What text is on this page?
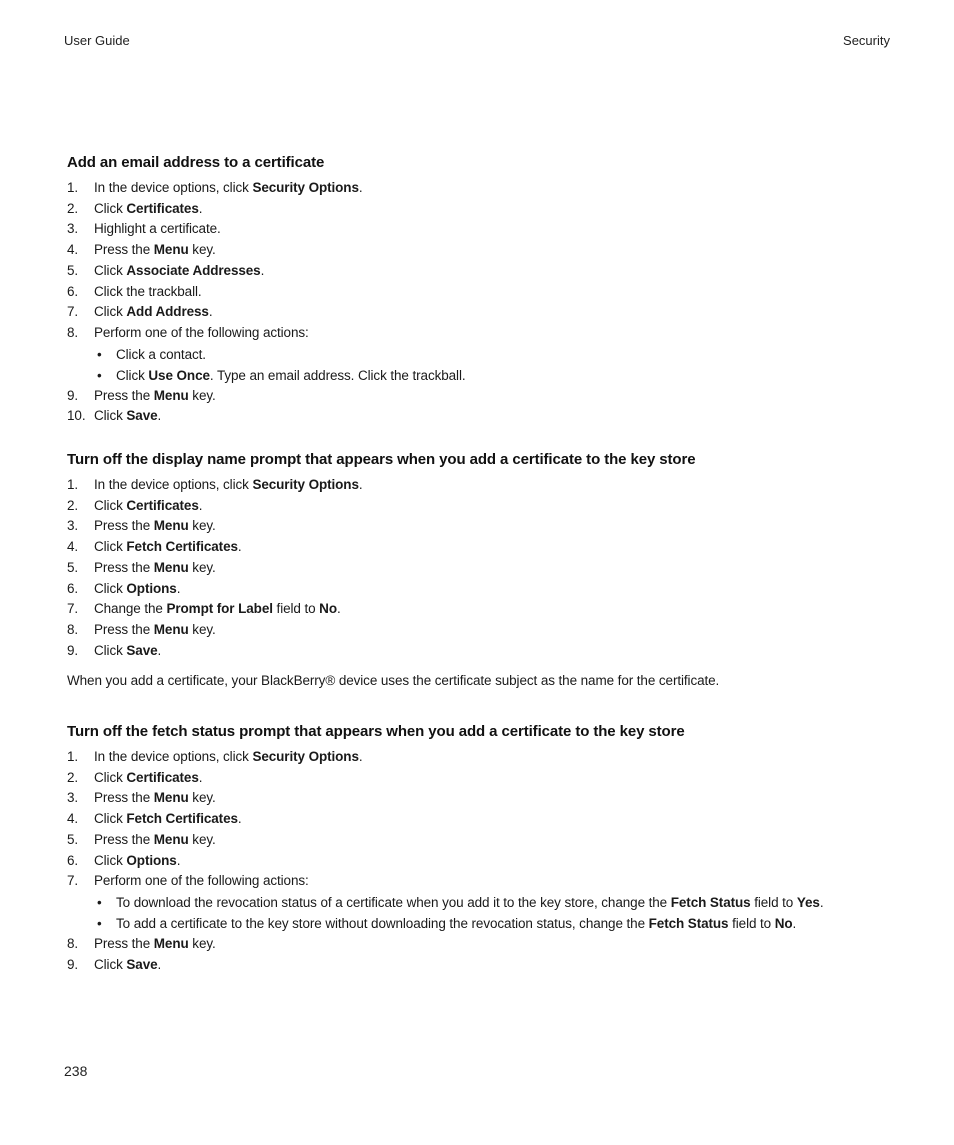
User Guide	Security
Add an email address to a certificate
1. In the device options, click Security Options.
2. Click Certificates.
3. Highlight a certificate.
4. Press the Menu key.
5. Click Associate Addresses.
6. Click the trackball.
7. Click Add Address.
8. Perform one of the following actions:
• Click a contact.
• Click Use Once. Type an email address. Click the trackball.
9. Press the Menu key.
10. Click Save.
Turn off the display name prompt that appears when you add a certificate to the key store
1. In the device options, click Security Options.
2. Click Certificates.
3. Press the Menu key.
4. Click Fetch Certificates.
5. Press the Menu key.
6. Click Options.
7. Change the Prompt for Label field to No.
8. Press the Menu key.
9. Click Save.

When you add a certificate, your BlackBerry® device uses the certificate subject as the name for the certificate.

Turn off the fetch status prompt that appears when you add a certificate to the key store
1. In the device options, click Security Options.
2. Click Certificates.
3. Press the Menu key.
4. Click Fetch Certificates.
5. Press the Menu key.
6. Click Options.
7. Perform one of the following actions:
• To download the revocation status of a certificate when you add it to the key store, change the Fetch Status field to Yes.
• To add a certificate to the key store without downloading the revocation status, change the Fetch Status field to No.
8. Press the Menu key.
9. Click Save.
238
